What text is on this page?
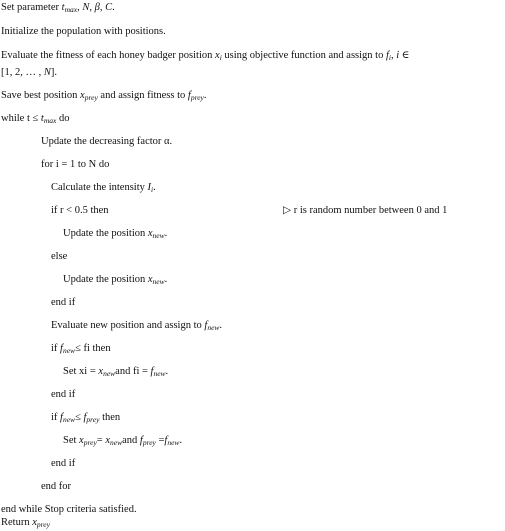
Set parameter $t_{max}$, N, β, C.
Initialize the population with positions.
Evaluate the fitness of each honey badger position $x_i$ using objective function and assign to $f_i$, i ∈
[1, 2, … , N].
Save best position $x_{prey}$ and assign fitness to $f_{prey}$.
while $t \le t_{max}$ do
Update the decreasing factor α.
for i = 1 to N do
Calculate the intensity $I_i$.
if r < 0.5 then	▷ r is random number between 0 and 1
Update the position $x_{new}$.
else
Update the position $x_{new}$.
end if
Evaluate new position and assign to $f_{new}$.
if $f_{new}\le$ fi then
Set xi = $x_{new}and$ fi = $f_{new}$.
end if
if $f_{new}\le f_{prey}$ then
Set $x_{prey}= x_{new}and$ $f_{prey} =f_{new}$.
end if
end for
end while Stop criteria satisfied.
Return $x_{prey}$
